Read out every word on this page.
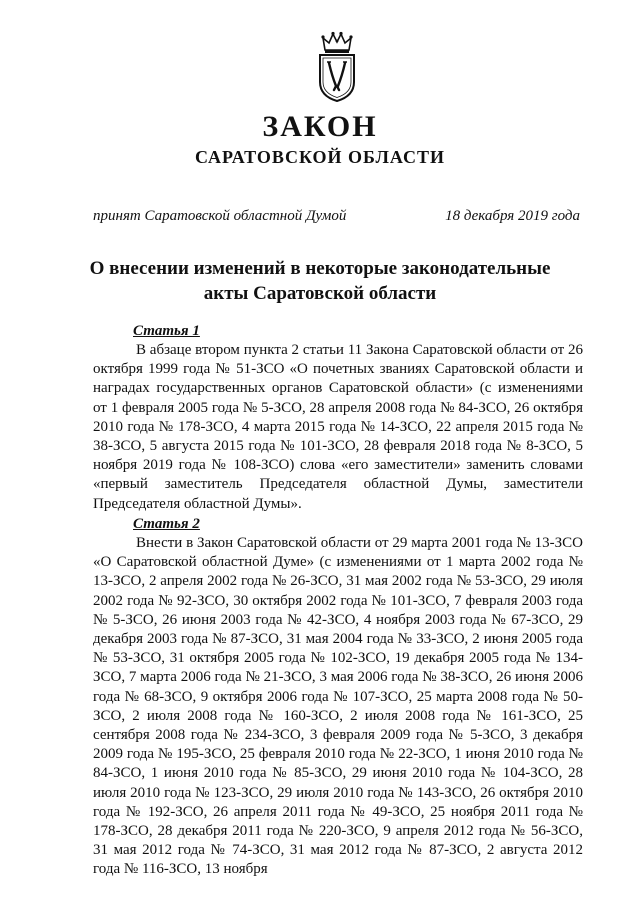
ЗАКОН
САРАТОВСКОЙ ОБЛАСТИ
принят Саратовской областной Думой	18 декабря 2019 года
О внесении изменений в некоторые законодательные
акты Саратовской области
Статья 1

В абзаце втором пункта 2 статьи 11 Закона Саратовской области от 26 октября 1999 года № 51-ЗСО «О почетных званиях Саратовской области и наградах государственных органов Саратовской области» (с изменениями от 1 февраля 2005 года № 5-ЗСО, 28 апреля 2008 года № 84-ЗСО, 26 октября 2010 года № 178-ЗСО, 4 марта 2015 года № 14-ЗСО, 22 апреля 2015 года № 38-ЗСО, 5 августа 2015 года № 101-ЗСО, 28 февраля 2018 года № 8-ЗСО, 5 ноября 2019 года № 108-ЗСО) слова «его заместители» заменить словами «первый заместитель Председателя областной Думы, заместители Председателя областной Думы».

Статья 2

Внести в Закон Саратовской области от 29 марта 2001 года № 13-ЗСО «О Саратовской областной Думе» (с изменениями от 1 марта 2002 года № 13-ЗСО, 2 апреля 2002 года № 26-ЗСО, 31 мая 2002 года № 53-ЗСО, 29 июля 2002 года № 92-ЗСО, 30 октября 2002 года № 101-ЗСО, 7 февраля 2003 года № 5-ЗСО, 26 июня 2003 года № 42-ЗСО, 4 ноября 2003 года № 67-ЗСО, 29 декабря 2003 года № 87-ЗСО, 31 мая 2004 года № 33-ЗСО, 2 июня 2005 года № 53-ЗСО, 31 октября 2005 года № 102-ЗСО, 19 декабря 2005 года № 134-ЗСО, 7 марта 2006 года № 21-ЗСО, 3 мая 2006 года № 38-ЗСО, 26 июня 2006 года № 68-ЗСО, 9 октября 2006 года № 107-ЗСО, 25 марта 2008 года № 50-ЗСО, 2 июля 2008 года № 160-ЗСО, 2 июля 2008 года № 161-ЗСО, 25 сентября 2008 года № 234-ЗСО, 3 февраля 2009 года № 5-ЗСО, 3 декабря 2009 года № 195-ЗСО, 25 февраля 2010 года № 22-ЗСО, 1 июня 2010 года № 84-ЗСО, 1 июня 2010 года № 85-ЗСО, 29 июня 2010 года № 104-ЗСО, 28 июля 2010 года № 123-ЗСО, 29 июля 2010 года № 143-ЗСО, 26 октября 2010 года № 192-ЗСО, 26 апреля 2011 года № 49-ЗСО, 25 ноября 2011 года № 178-ЗСО, 28 декабря 2011 года № 220-ЗСО, 9 апреля 2012 года № 56-ЗСО, 31 мая 2012 года № 74-ЗСО, 31 мая 2012 года № 87-ЗСО, 2 августа 2012 года № 116-ЗСО, 13 ноября
